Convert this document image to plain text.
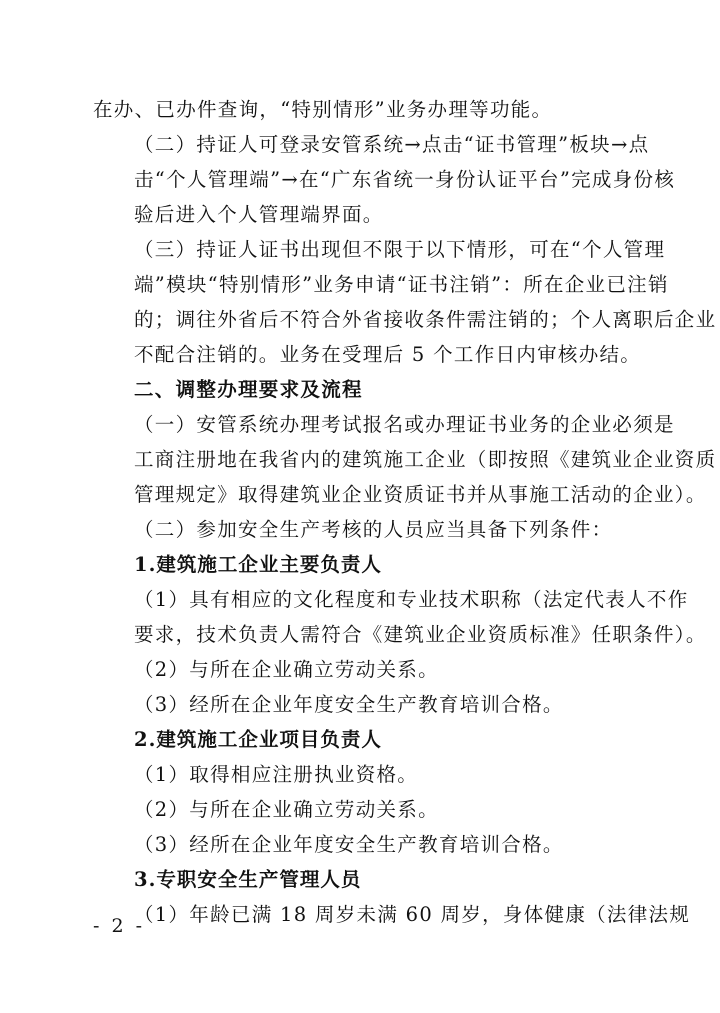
在办、已办件查询，“特别情形”业务办理等功能。

（二）持证人可登录安管系统→点击“证书管理”板块→点
击“个人管理端”→在“广东省统一身份认证平台”完成身份核
验后进入个人管理端界面。

（三）持证人证书出现但不限于以下情形，可在“个人管理
端”模块“特别情形”业务申请“证书注销”：所在企业已注销
的；调往外省后不符合外省接收条件需注销的；个人离职后企业
不配合注销的。业务在受理后 5 个工作日内审核办结。

二、调整办理要求及流程

（一）安管系统办理考试报名或办理证书业务的企业必须是
工商注册地在我省内的建筑施工企业（即按照《建筑业企业资质
管理规定》取得建筑业企业资质证书并从事施工活动的企业）。

（二）参加安全生产考核的人员应当具备下列条件：

1.建筑施工企业主要负责人

（1）具有相应的文化程度和专业技术职称（法定代表人不作
要求，技术负责人需符合《建筑业企业资质标准》任职条件）。

（2）与所在企业确立劳动关系。

（3）经所在企业年度安全生产教育培训合格。

2.建筑施工企业项目负责人

（1）取得相应注册执业资格。

（2）与所在企业确立劳动关系。

（3）经所在企业年度安全生产教育培训合格。

3.专职安全生产管理人员

（1）年龄已满 18 周岁未满 60 周岁，身体健康（法律法规

- 2 -
